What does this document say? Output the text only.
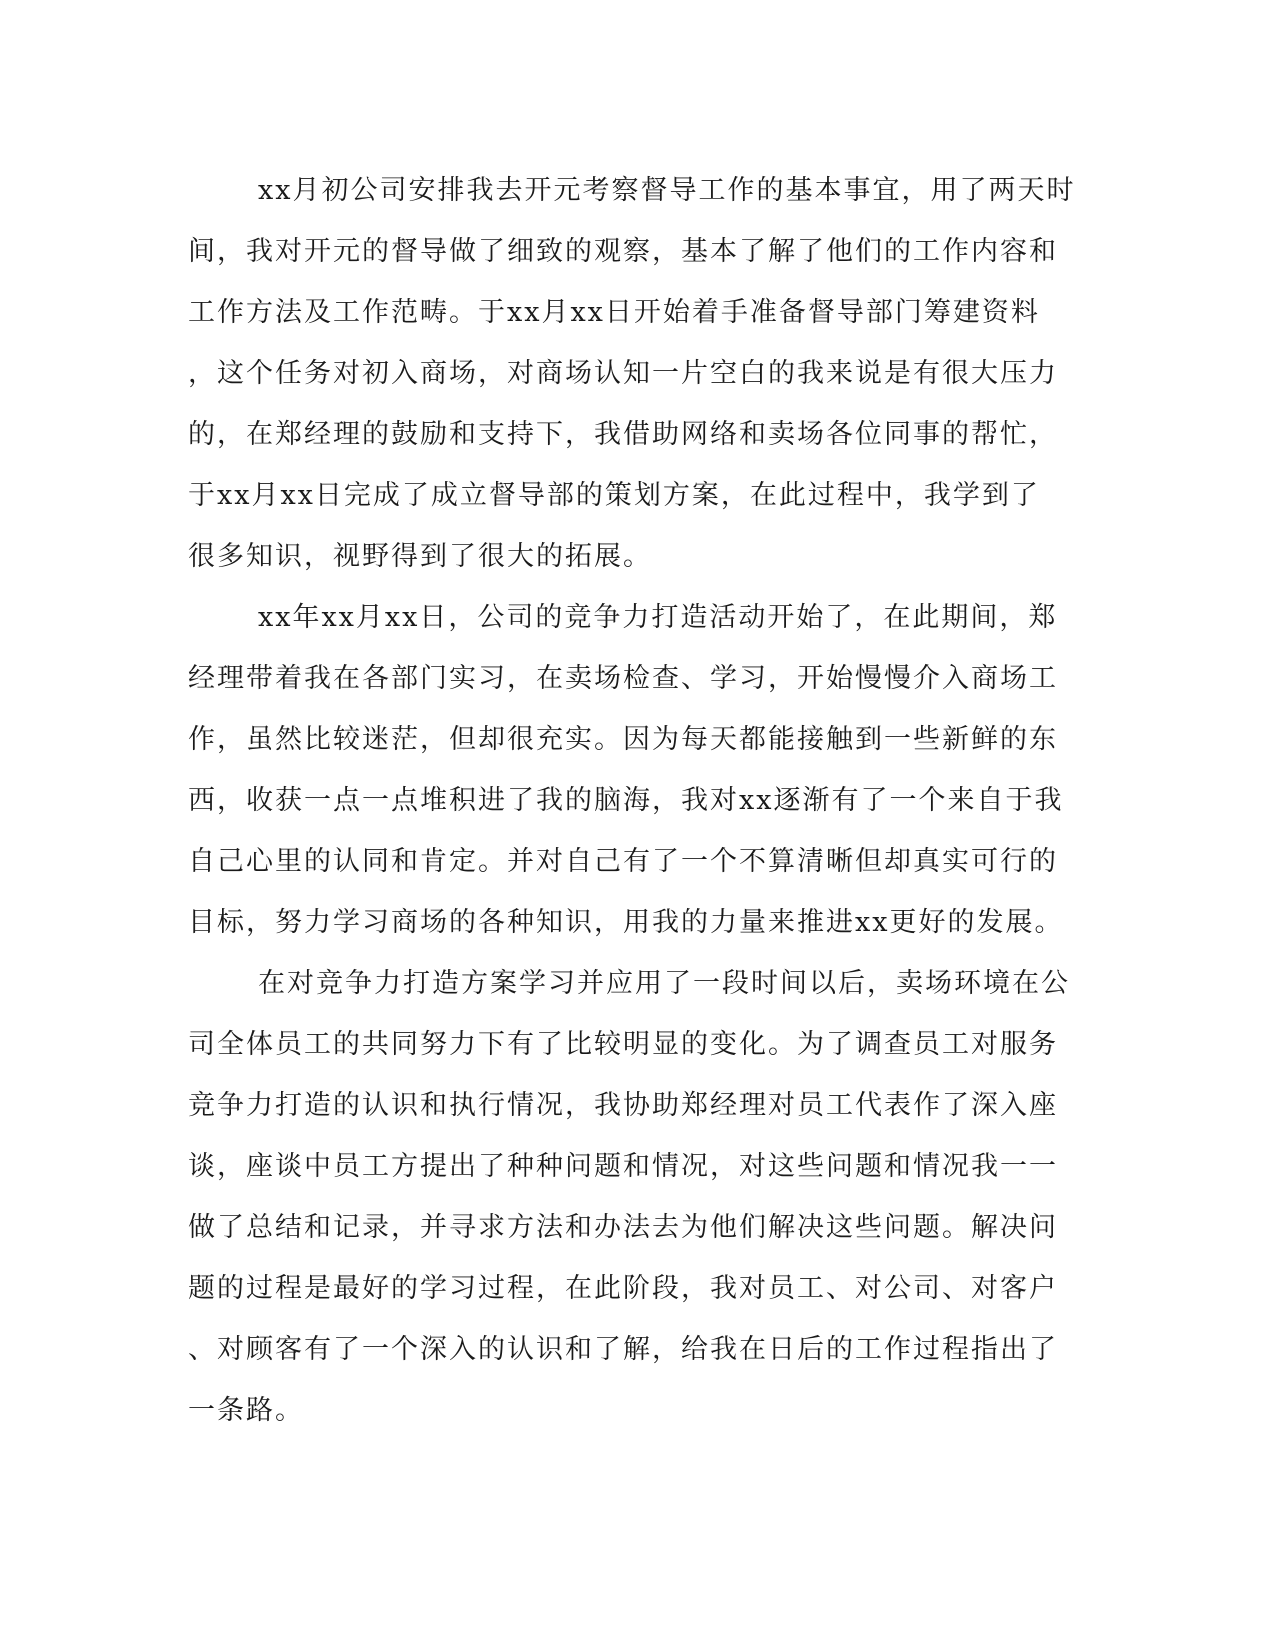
xx月初公司安排我去开元考察督导工作的基本事宜，用了两天时
间，我对开元的督导做了细致的观察，基本了解了他们的工作内容和
工作方法及工作范畴。于xx月xx日开始着手准备督导部门筹建资料
，这个任务对初入商场，对商场认知一片空白的我来说是有很大压力
的，在郑经理的鼓励和支持下，我借助网络和卖场各位同事的帮忙，
于xx月xx日完成了成立督导部的策划方案，在此过程中，我学到了
很多知识，视野得到了很大的拓展。
xx年xx月xx日，公司的竞争力打造活动开始了，在此期间，郑
经理带着我在各部门实习，在卖场检查、学习，开始慢慢介入商场工
作，虽然比较迷茫，但却很充实。因为每天都能接触到一些新鲜的东
西，收获一点一点堆积进了我的脑海，我对xx逐渐有了一个来自于我
自己心里的认同和肯定。并对自己有了一个不算清晰但却真实可行的
目标，努力学习商场的各种知识，用我的力量来推进xx更好的发展。
在对竞争力打造方案学习并应用了一段时间以后，卖场环境在公
司全体员工的共同努力下有了比较明显的变化。为了调查员工对服务
竞争力打造的认识和执行情况，我协助郑经理对员工代表作了深入座
谈，座谈中员工方提出了种种问题和情况，对这些问题和情况我一一
做了总结和记录，并寻求方法和办法去为他们解决这些问题。解决问
题的过程是最好的学习过程，在此阶段，我对员工、对公司、对客户
、对顾客有了一个深入的认识和了解，给我在日后的工作过程指出了
一条路。
